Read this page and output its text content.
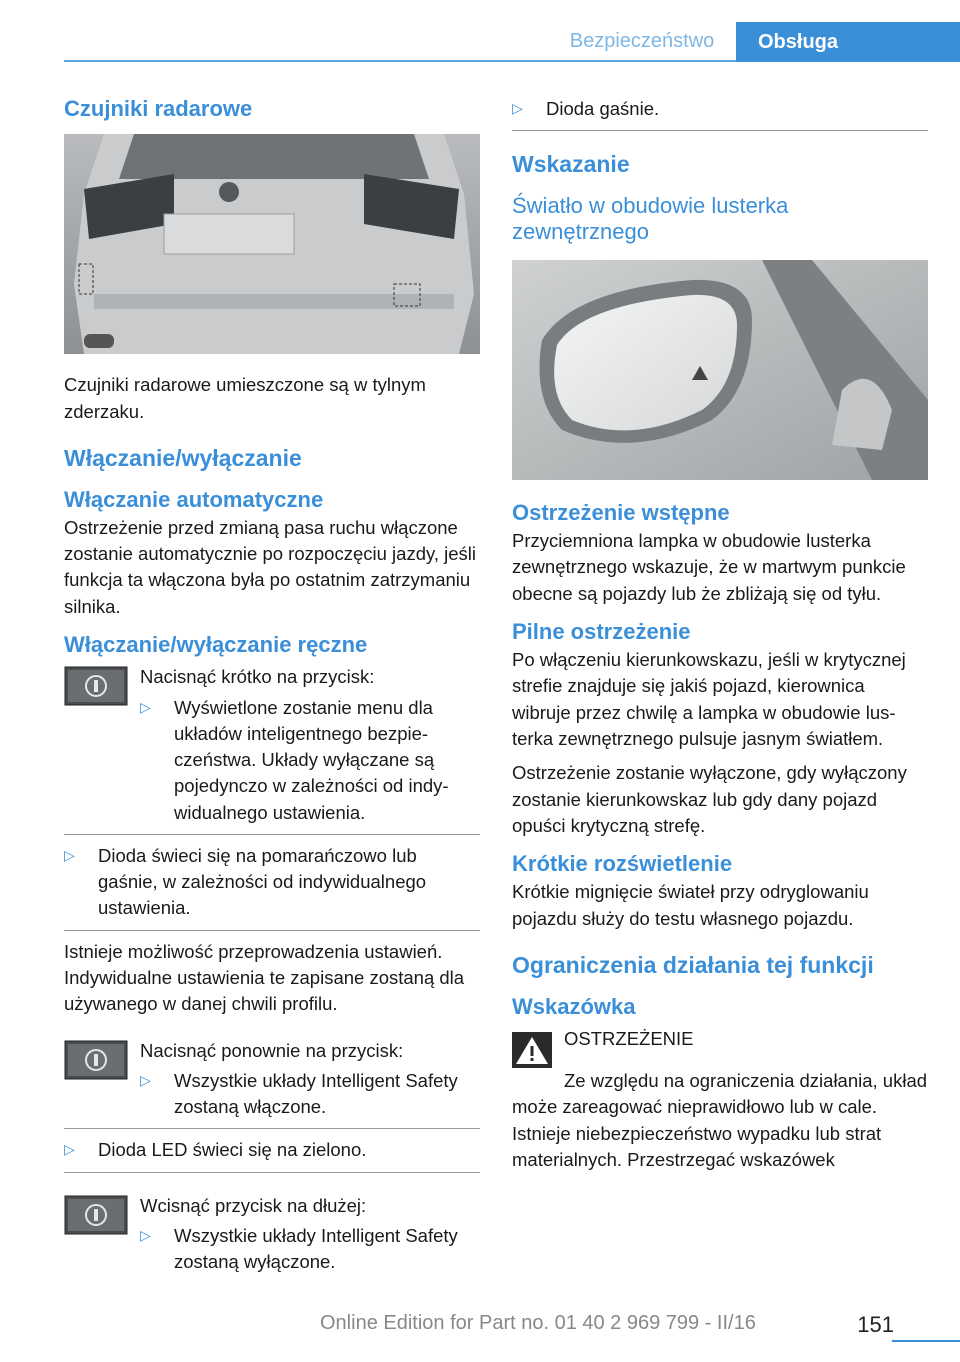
Bezpieczeństwo	Obsługa
Czujniki radarowe

Czujniki radarowe umieszczone są w tylnym zderzaku.

Włączanie/wyłączanie
Włączanie automatyczne

Ostrzeżenie przed zmianą pasa ruchu włączone zostanie automatycznie po rozpoczęciu jazdy, jeśli funkcja ta włączona była po ostatnim zatrzymaniu silnika.

Włączanie/wyłączanie ręczne

Nacisnąć krótko na przycisk:

▷	Wyświetlone zostanie menu dla układów inteligentnego bezpieczeństwa. Układy wyłączane są pojedynczo w zależności od indywidualnego ustawienia.
▷	Dioda świeci się na pomarańczowo lub gaśnie, w zależności od indywidualnego ustawienia.

Istnieje możliwość przeprowadzenia ustawień. Indywidualne ustawienia te zapisane zostaną dla używanego w danej chwili profilu.

Nacisnąć ponownie na przycisk:

▷	Wszystkie układy Intelligent Safety zostaną włączone.
▷	Dioda LED świeci się na zielono.

Wcisnąć przycisk na dłużej:

▷	Wszystkie układy Intelligent Safety zostaną wyłączone.
▷	Dioda gaśnie.
Wskazanie
Światło w obudowie lusterka zewnętrznego
Ostrzeżenie wstępne

Przyciemniona lampka w obudowie lusterka zewnętrznego wskazuje, że w martwym punkcie obecne są pojazdy lub że zbliżają się od tyłu.

Pilne ostrzeżenie

Po włączeniu kierunkowskazu, jeśli w krytycznej strefie znajduje się jakiś pojazd, kierownica wibruje przez chwilę a lampka w obudowie lusterka zewnętrznego pulsuje jasnym światłem.

Ostrzeżenie zostanie wyłączone, gdy wyłączony zostanie kierunkowskaz lub gdy dany pojazd opuści krytyczną strefę.

Krótkie rozświetlenie

Krótkie mignięcie świateł przy odryglowaniu pojazdu służy do testu własnego pojazdu.

Ograniczenia działania tej funkcji
Wskazówka

OSTRZEŻENIE

Ze względu na ograniczenia działania, układ może zareagować nieprawidłowo lub w cale. Istnieje niebezpieczeństwo wypadku lub strat materialnych. Przestrzegać wskazówek

151
Online Edition for Part no. 01 40 2 969 799 - II/16
